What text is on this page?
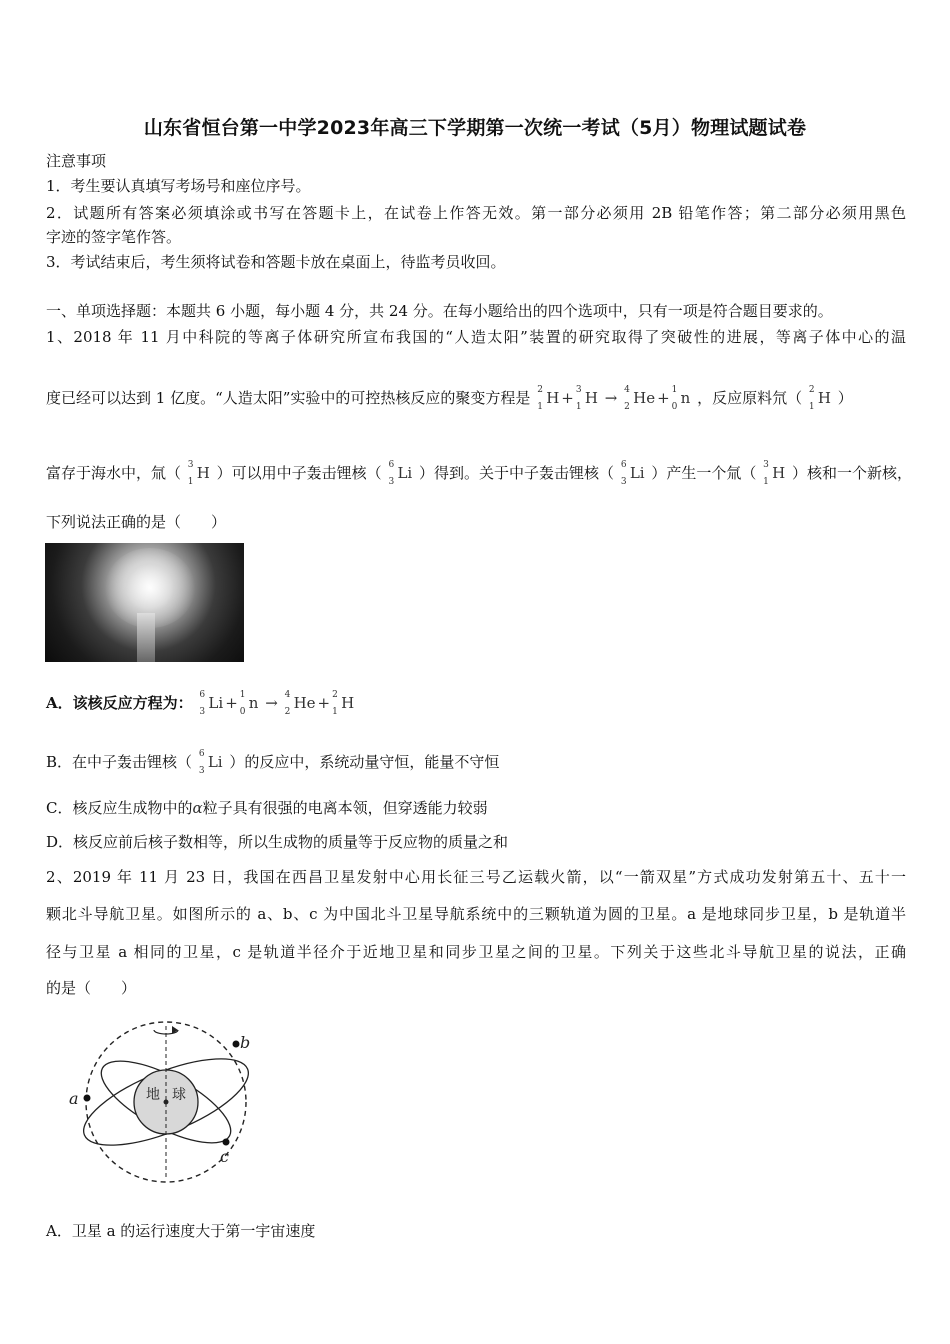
山东省恒台第一中学2023年高三下学期第一次统一考试（5月）物理试题试卷
注意事项
1．考生要认真填写考场号和座位序号。
2．试题所有答案必须填涂或书写在答题卡上，在试卷上作答无效。第一部分必须用 2B 铅笔作答；第二部分必须用黑色
字迹的签字笔作答。
3．考试结束后，考生须将试卷和答题卡放在桌面上，待监考员收回。
一、单项选择题：本题共 6 小题，每小题 4 分，共 24 分。在每小题给出的四个选项中，只有一项是符合题目要求的。
1、2018 年 11 月中科院的等离子体研究所宣布我国的“人造太阳”装置的研究取得了突破性的进展，等离子体中心的温
度已经可以达到 1 亿度。“人造太阳”实验中的可控热核反应的聚变方程是 2
1 H + 3
1 H → 4
2 He + 1
0 n ，反应原料氘（ 2
1 H ）
富存于海水中，氚（ 3
1 H ）可以用中子轰击锂核（ 6
3 Li ）得到。关于中子轰击锂核（ 6
3 Li ）产生一个氚（ 3
1 H ）核和一个新核，
下列说法正确的是（　　）
A．该核反应方程为： 6
3 Li + 1
0 n → 4
2 He + 2
1 H
B．在中子轰击锂核（ 6
3 Li ）的反应中，系统动量守恒，能量不守恒
C．核反应生成物中的α粒子具有很强的电离本领，但穿透能力较弱
D．核反应前后核子数相等，所以生成物的质量等于反应物的质量之和
2、2019 年 11 月 23 日，我国在西昌卫星发射中心用长征三号乙运载火箭，以“一箭双星”方式成功发射第五十、五十一
颗北斗导航卫星。如图所示的 a、b、c 为中国北斗卫星导航系统中的三颗轨道为圆的卫星。a 是地球同步卫星，b 是轨道半
径与卫星 a 相同的卫星，c 是轨道半径介于近地卫星和同步卫星之间的卫星。下列关于这些北斗导航卫星的说法，正确
的是（　　）
地 球
a
b
c
A．卫星 a 的运行速度大于第一宇宙速度
